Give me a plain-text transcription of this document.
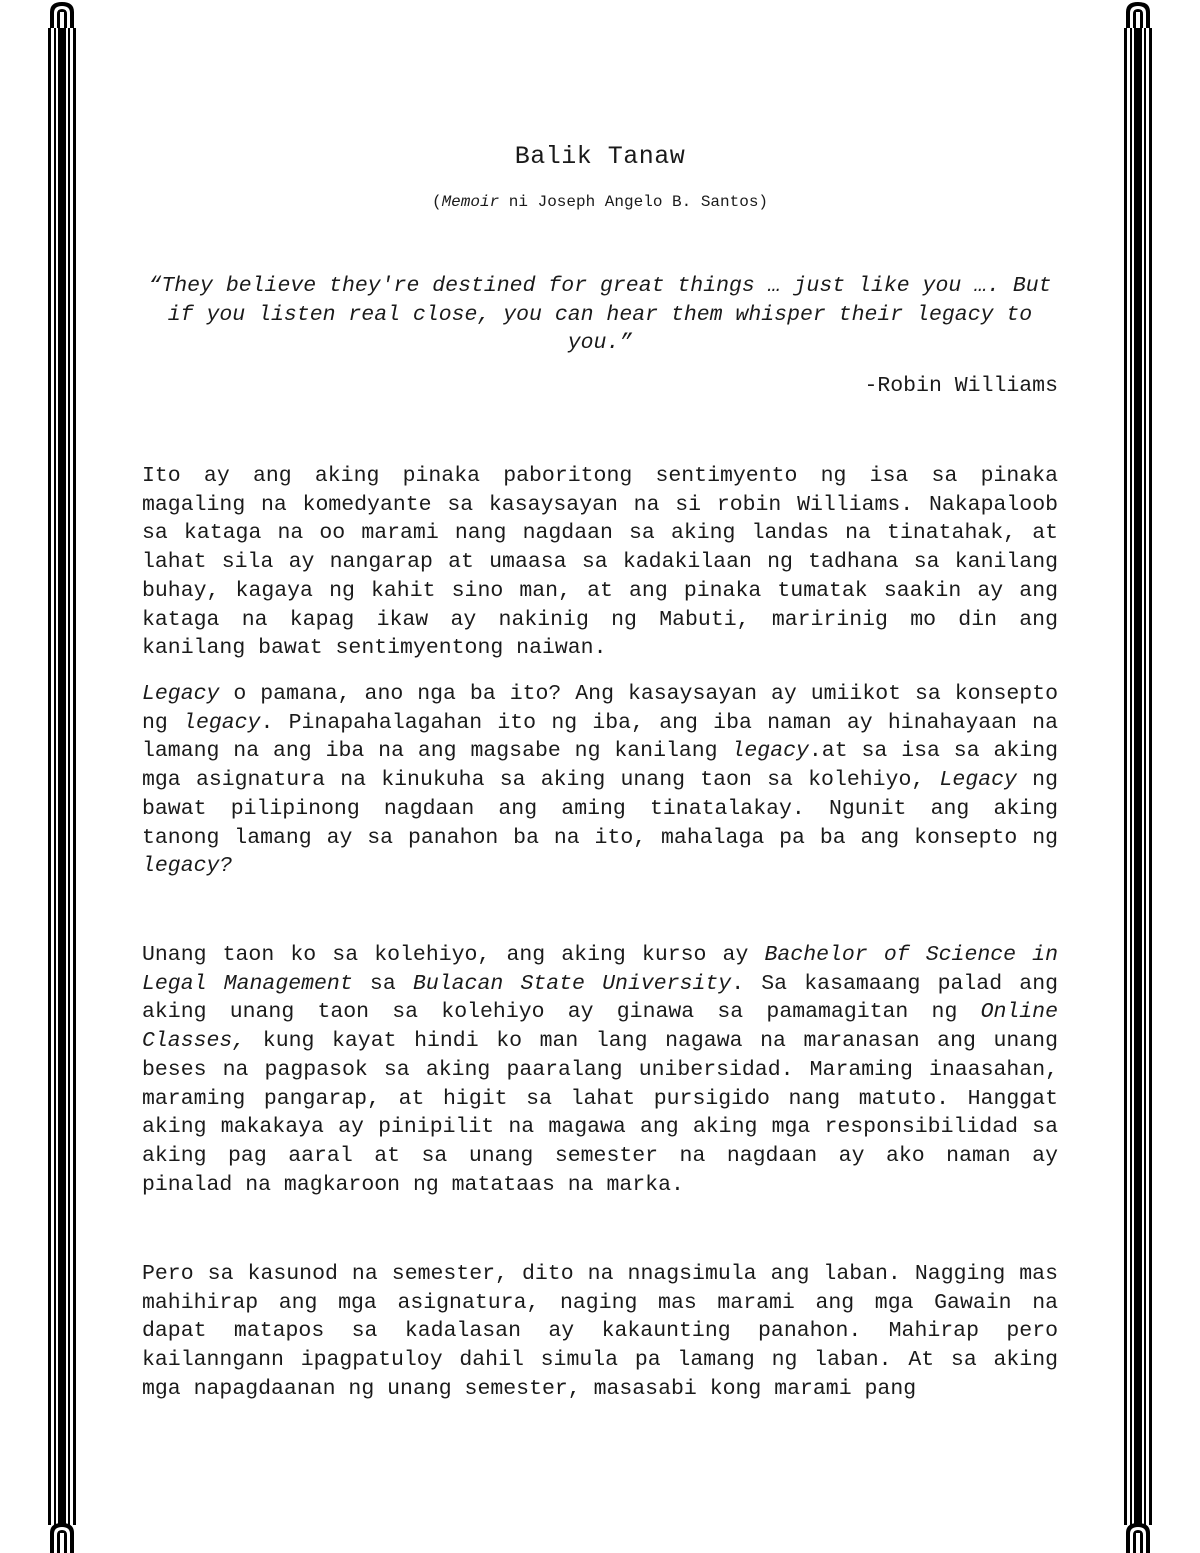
Balik Tanaw
(Memoir ni Joseph Angelo B. Santos)
“They believe they're destined for great things … just like you …. But if you listen real close, you can hear them whisper their legacy to you.”
-Robin Williams

Ito ay ang aking pinaka paboritong sentimyento ng isa sa pinaka magaling na komedyante sa kasaysayan na si robin Williams. Nakapaloob sa kataga na oo marami nang nagdaan sa aking landas na tinatahak, at lahat sila ay nangarap at umaasa sa kadakilaan ng tadhana sa kanilang buhay, kagaya ng kahit sino man, at ang pinaka tumatak saakin ay ang kataga na kapag ikaw ay nakinig ng Mabuti, maririnig mo din ang kanilang bawat sentimyentong naiwan.

Legacy o pamana, ano nga ba ito? Ang kasaysayan ay umiikot sa konsepto ng legacy. Pinapahalagahan ito ng iba, ang iba naman ay hinahayaan na lamang na ang iba na ang magsabe ng kanilang legacy.at sa isa sa aking mga asignatura na kinukuha sa aking unang taon sa kolehiyo, Legacy ng bawat pilipinong nagdaan ang aming tinatalakay. Ngunit ang aking tanong lamang ay sa panahon ba na ito, mahalaga pa ba ang konsepto ng legacy?

Unang taon ko sa kolehiyo, ang aking kurso ay Bachelor of Science in Legal Management sa Bulacan State University. Sa kasamaang palad ang aking unang taon sa kolehiyo ay ginawa sa pamamagitan ng Online Classes, kung kayat hindi ko man lang nagawa na maranasan ang unang beses na pagpasok sa aking paaralang unibersidad. Maraming inaasahan, maraming pangarap, at higit sa lahat pursigido nang matuto. Hanggat aking makakaya ay pinipilit na magawa ang aking mga responsibilidad sa aking pag aaral at sa unang semester na nagdaan ay ako naman ay pinalad na magkaroon ng matataas na marka.

Pero sa kasunod na semester, dito na nnagsimula ang laban. Nagging mas mahihirap ang mga asignatura, naging mas marami ang mga Gawain na dapat matapos sa kadalasan ay kakaunting panahon. Mahirap pero kailanngann ipagpatuloy dahil simula pa lamang ng laban. At sa aking mga napagdaanan ng unang semester, masasabi kong marami pang
